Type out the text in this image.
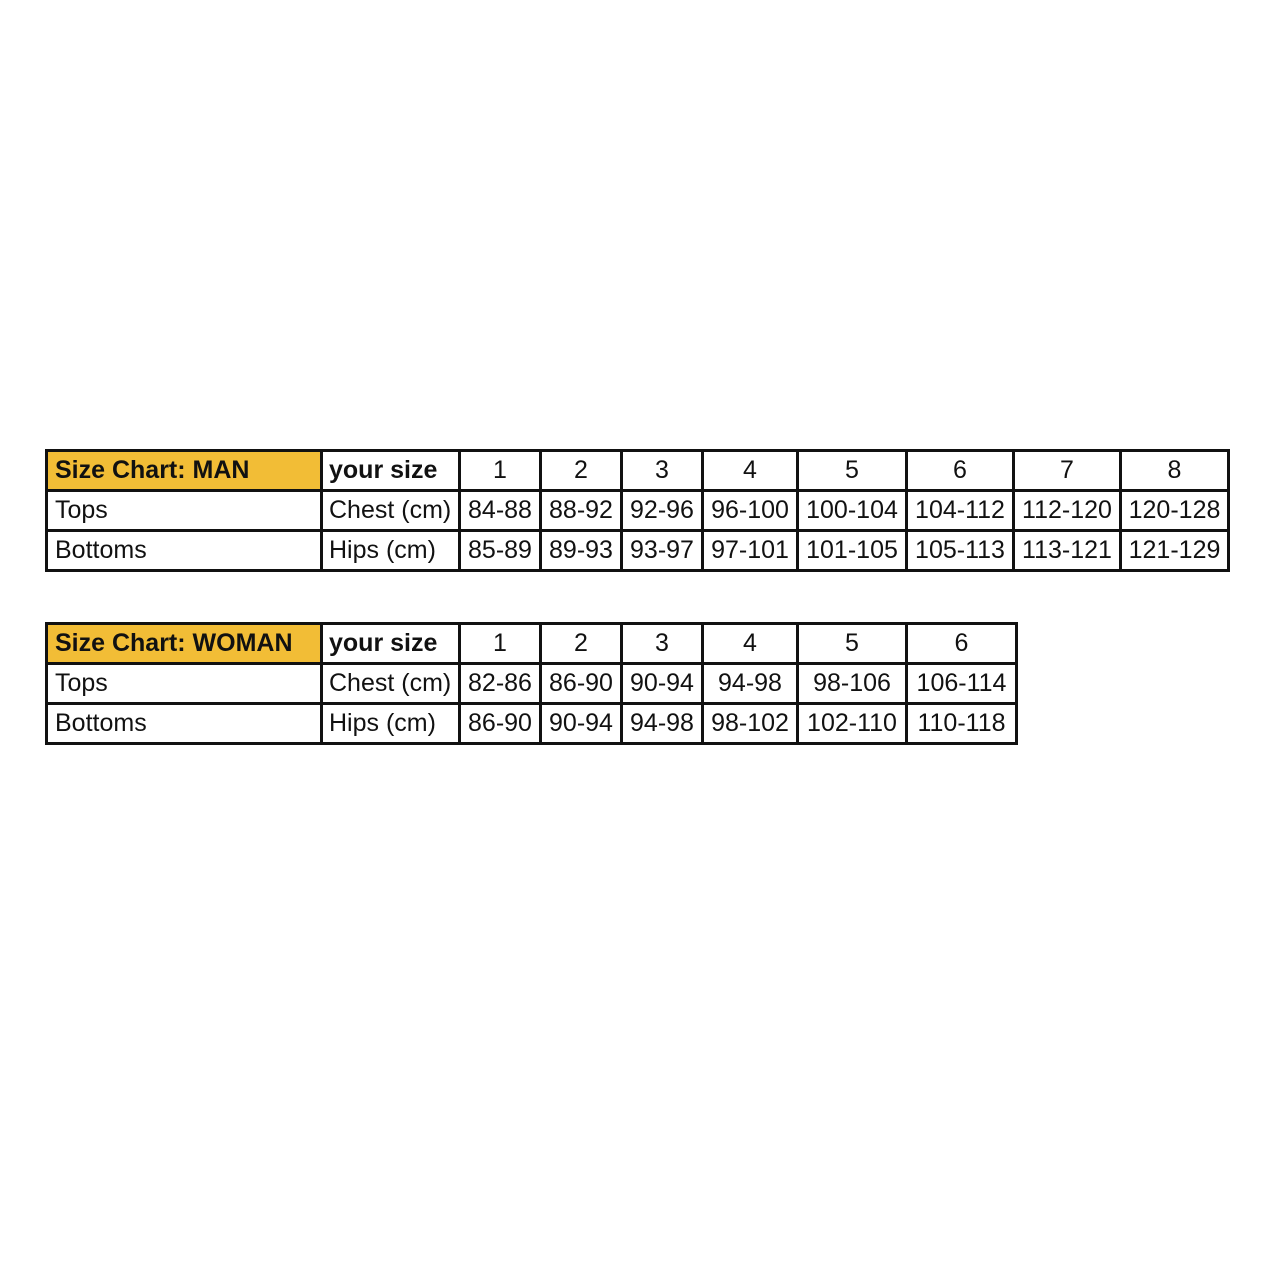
Size Chart: MAN	your size	1	2	3	4	5	6	7	8
Tops	Chest (cm)	84-88	88-92	92-96	96-100	100-104	104-112	112-120	120-128
Bottoms	Hips (cm)	85-89	89-93	93-97	97-101	101-105	105-113	113-121	121-129
Size Chart: WOMAN	your size	1	2	3	4	5	6
Tops	Chest (cm)	82-86	86-90	90-94	94-98	98-106	106-114
Bottoms	Hips (cm)	86-90	90-94	94-98	98-102	102-110	110-118
